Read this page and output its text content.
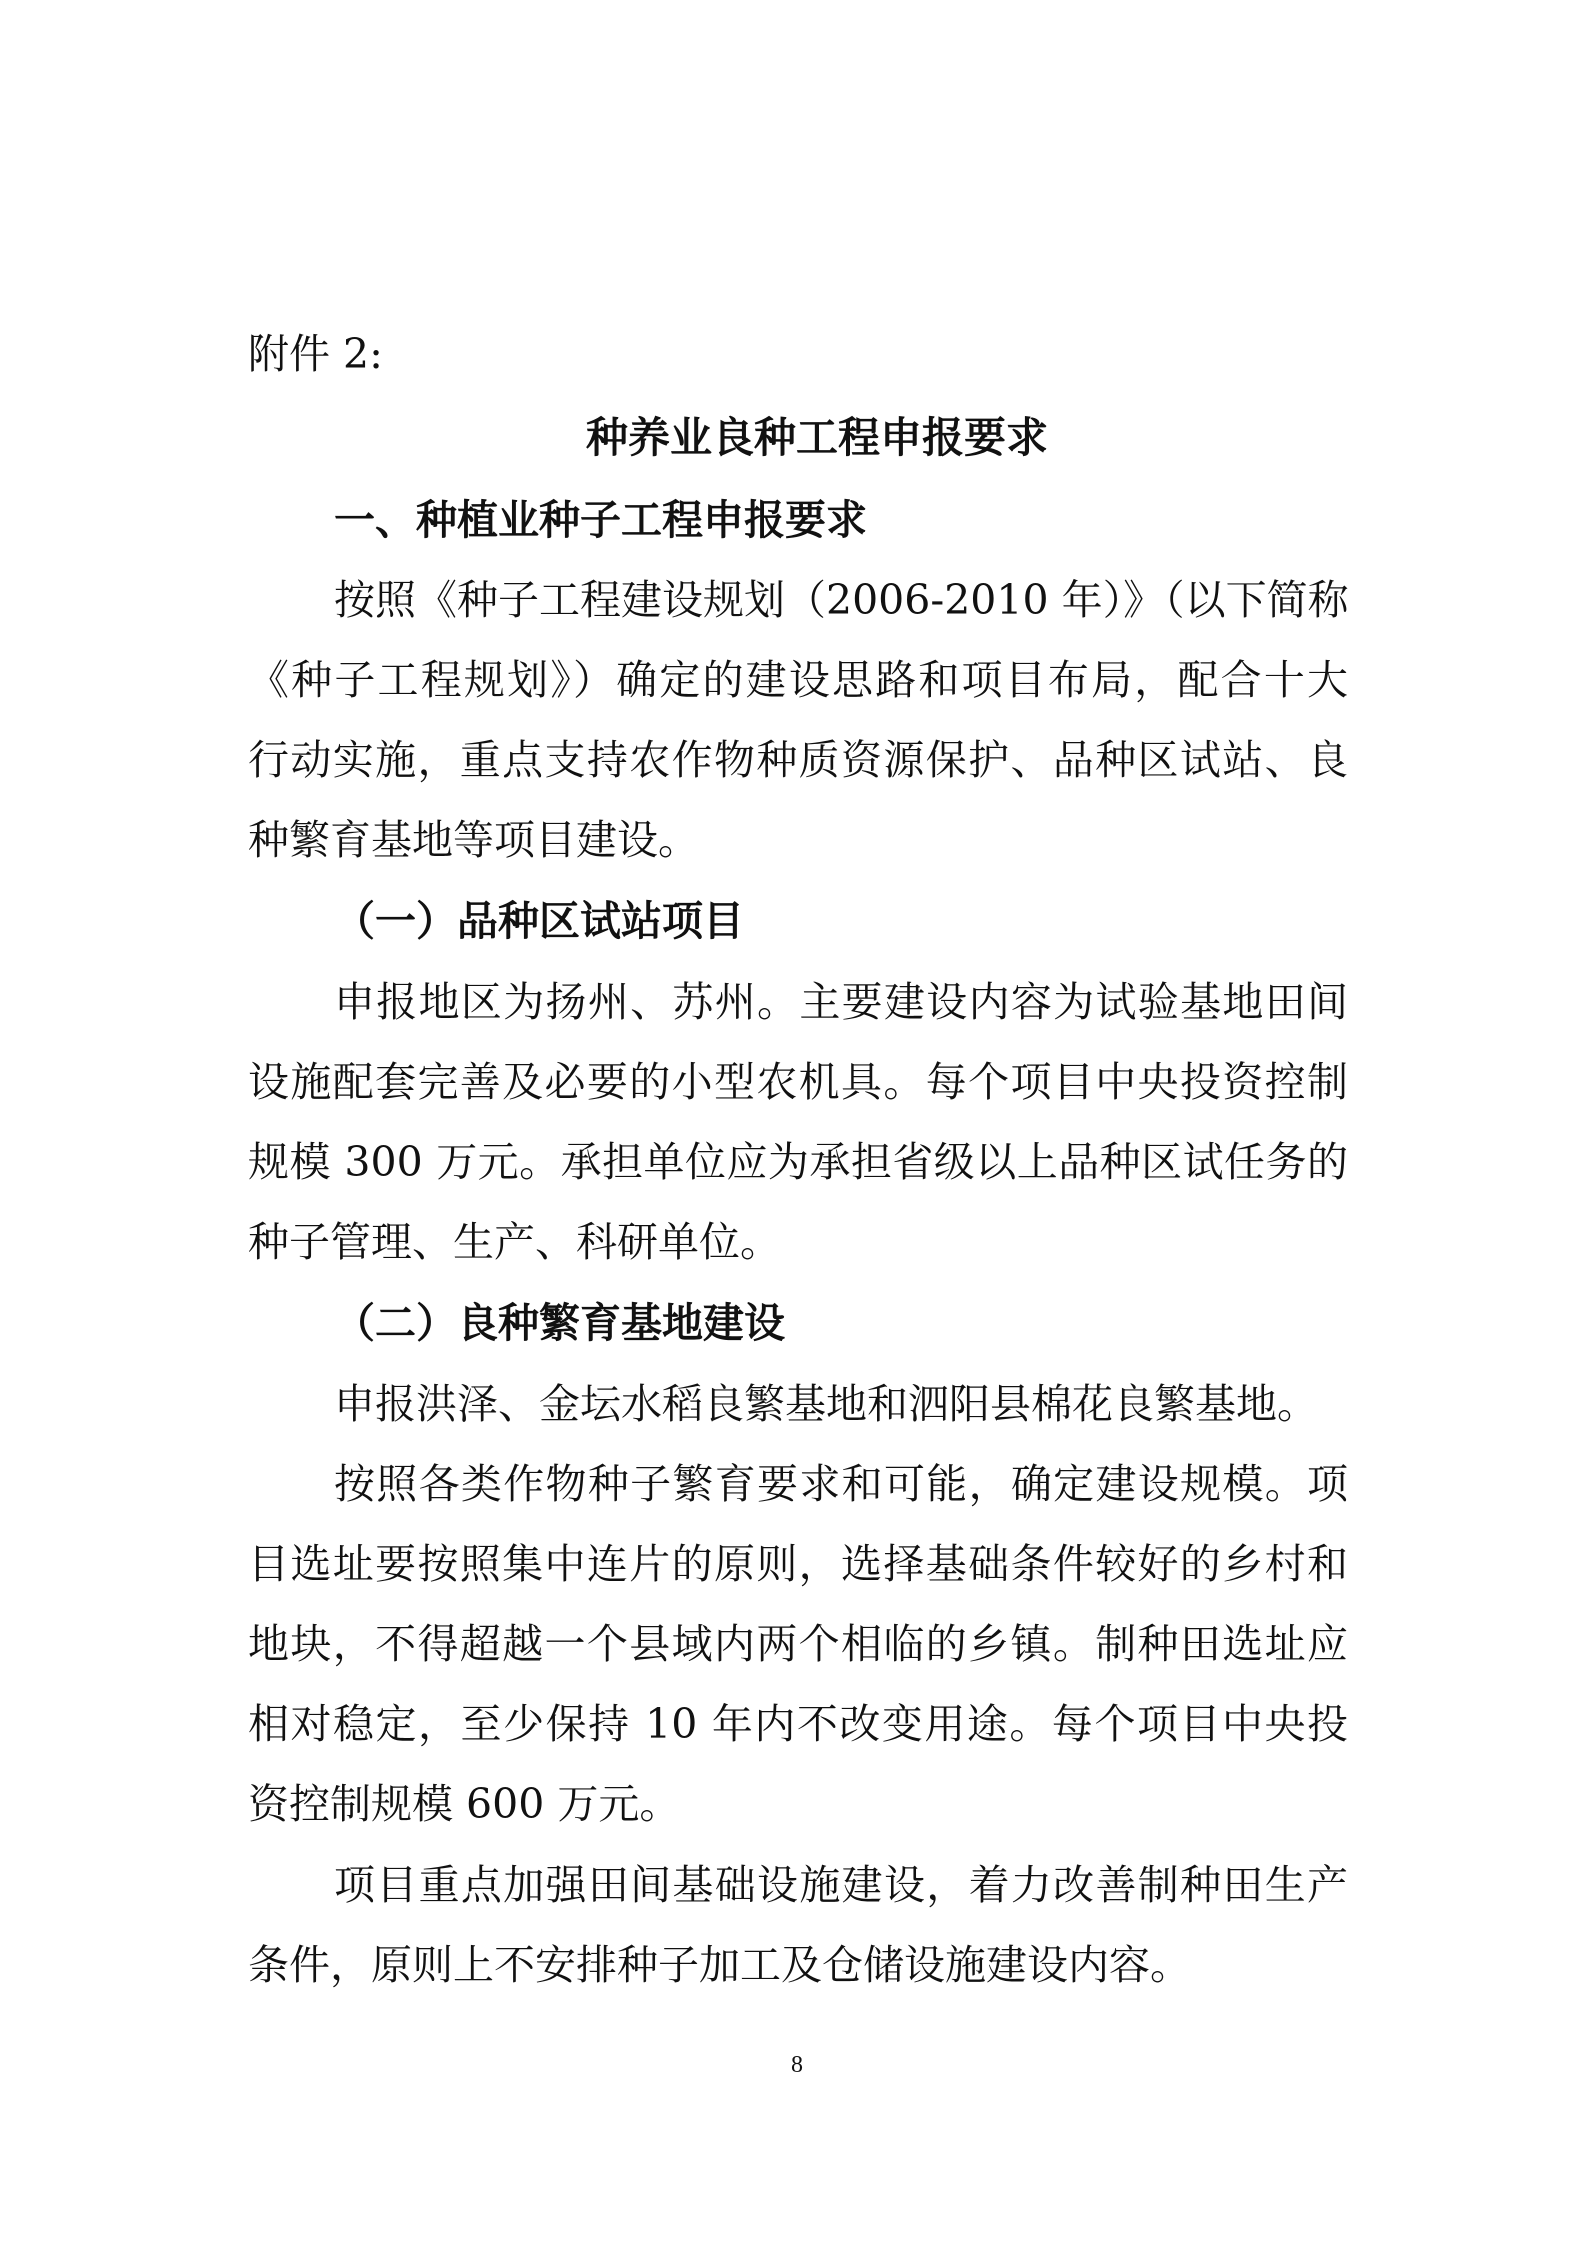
附件 2:
种养业良种工程申报要求
一、种植业种子工程申报要求
按照《种子工程建设规划（2006-2010 年）》（以下简称
《种子工程规划》）确定的建设思路和项目布局，配合十大
行动实施，重点支持农作物种质资源保护、品种区试站、良
种繁育基地等项目建设。
（一）品种区试站项目
申报地区为扬州、苏州。主要建设内容为试验基地田间
设施配套完善及必要的小型农机具。每个项目中央投资控制
规模 300 万元。承担单位应为承担省级以上品种区试任务的
种子管理、生产、科研单位。
（二）良种繁育基地建设
申报洪泽、金坛水稻良繁基地和泗阳县棉花良繁基地。
按照各类作物种子繁育要求和可能，确定建设规模。项
目选址要按照集中连片的原则，选择基础条件较好的乡村和
地块，不得超越一个县域内两个相临的乡镇。制种田选址应
相对稳定，至少保持 10 年内不改变用途。每个项目中央投
资控制规模 600 万元。
项目重点加强田间基础设施建设，着力改善制种田生产
条件，原则上不安排种子加工及仓储设施建设内容。
8
